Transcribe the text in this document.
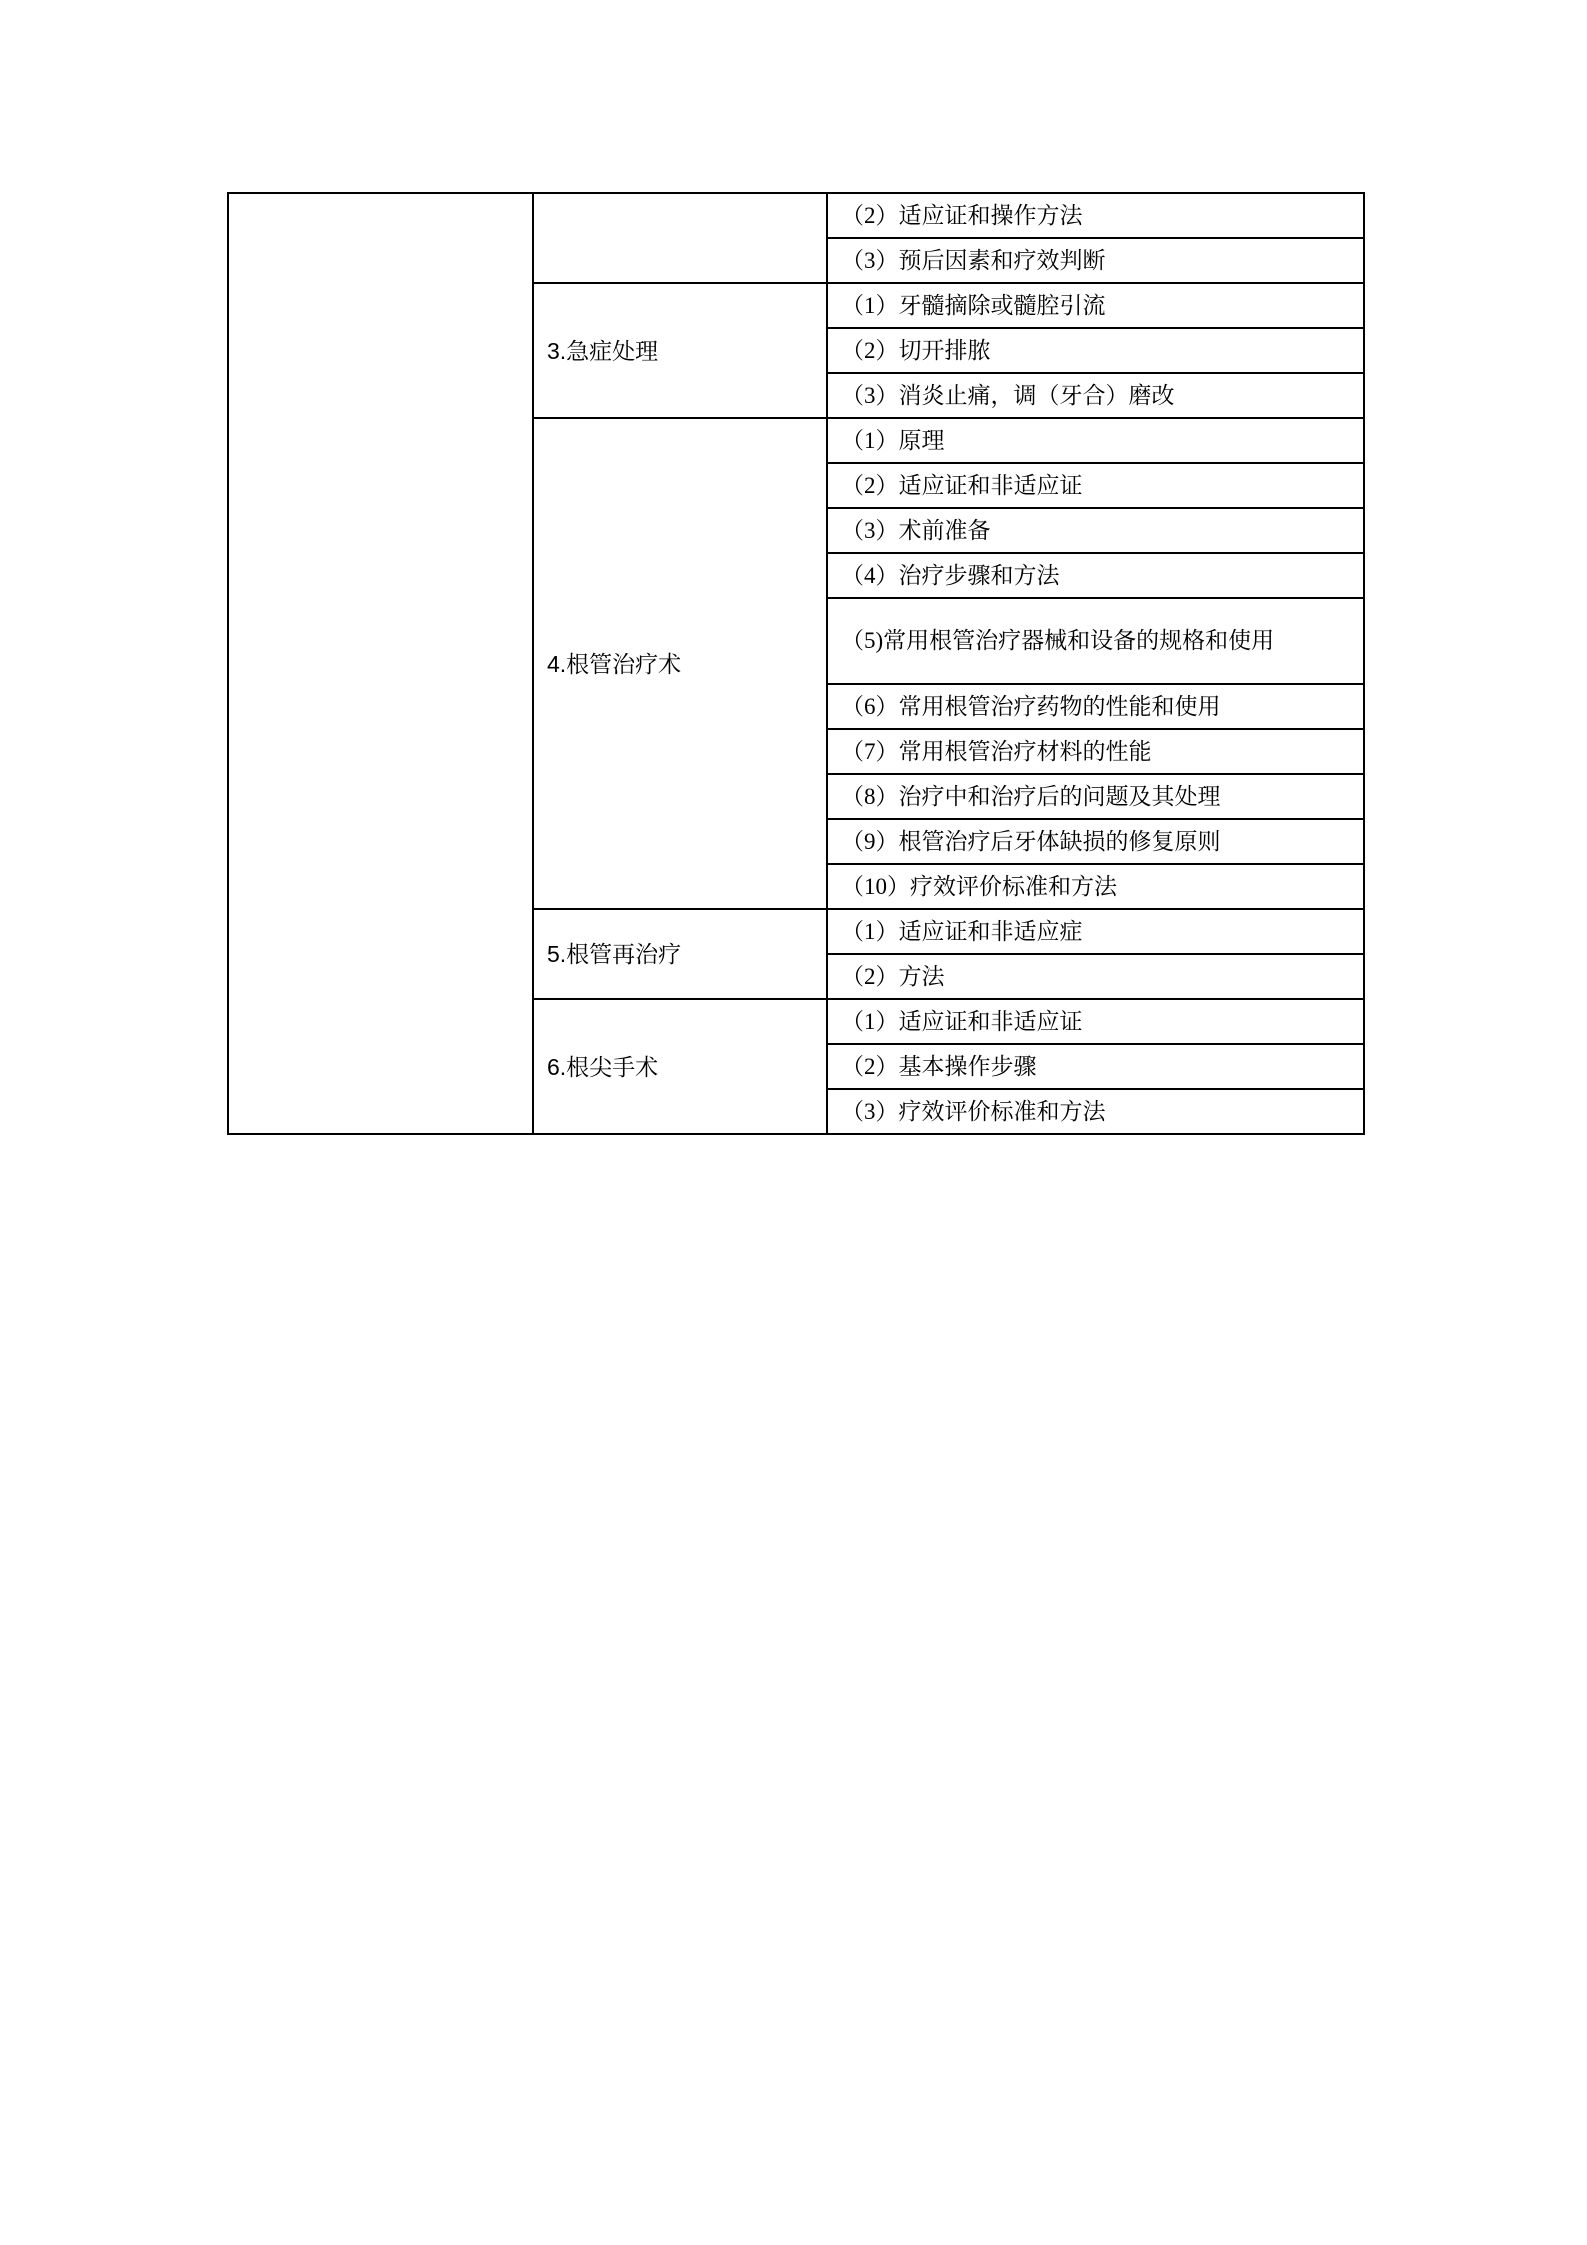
		（2）适应证和操作方法
		（3）预后因素和疗效判断
	3.急症处理	（1）牙髓摘除或髓腔引流
		（2）切开排脓
		（3）消炎止痛，调（牙合）磨改
	4.根管治疗术	（1）原理
		（2）适应证和非适应证
		（3）术前准备
		（4）治疗步骤和方法
		（5)常用根管治疗器械和设备的规格和使用
		（6）常用根管治疗药物的性能和使用
		（7）常用根管治疗材料的性能
		（8）治疗中和治疗后的问题及其处理
		（9）根管治疗后牙体缺损的修复原则
		（10）疗效评价标准和方法
	5.根管再治疗	（1）适应证和非适应症
		（2）方法
	6.根尖手术	（1）适应证和非适应证
		（2）基本操作步骤
		（3）疗效评价标准和方法
